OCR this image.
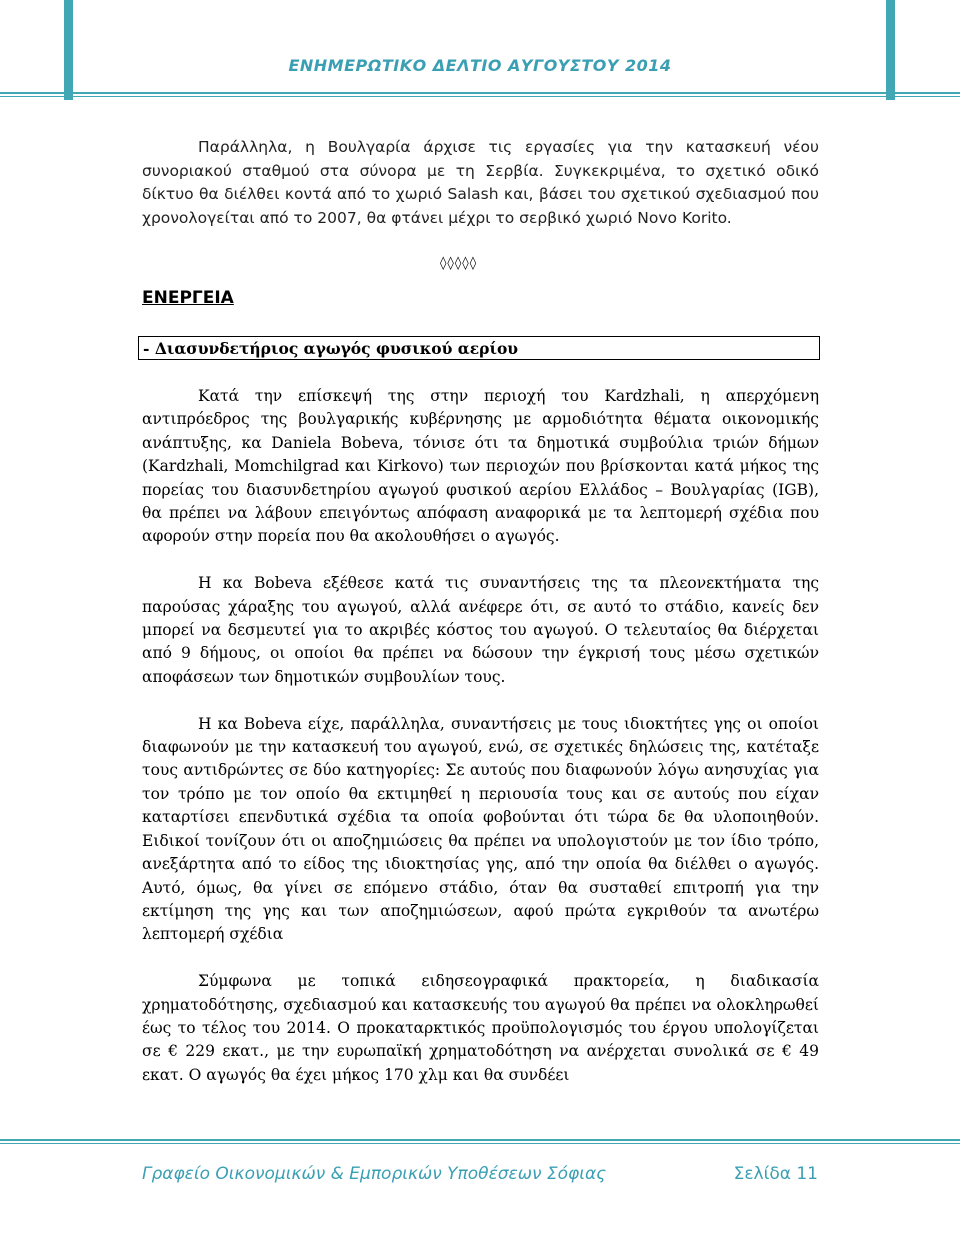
ΕΝΗΜΕΡΩΤΙΚΟ ΔΕΛΤΙΟ ΑΥΓΟΥΣΤΟΥ 2014

Παράλληλα, η Βουλγαρία άρχισε τις εργασίες για την κατασκευή νέου συνοριακού σταθμού στα σύνορα με τη Σερβία. Συγκεκριμένα, το σχετικό οδικό δίκτυο θα διέλθει κοντά από το χωριό Salash και, βάσει του σχετικού σχεδιασμού που χρονολογείται από το 2007, θα φτάνει μέχρι το σερβικό χωριό Novo Korito.

◊◊◊◊◊
ΕΝΕΡΓΕΙΑ
- Διασυνδετήριος αγωγός φυσικού αερίου

Κατά την επίσκεψή της στην περιοχή του Kardzhali, η απερχόμενη αντιπρόεδρος της βουλγαρικής κυβέρνησης με αρμοδιότητα θέματα οικονομικής ανάπτυξης, κα Daniela Bobeva, τόνισε ότι τα δημοτικά συμβούλια τριών δήμων (Kardzhali, Momchilgrad και Kirkovo) των περιοχών που βρίσκονται κατά μήκος της πορείας του διασυνδετηρίου αγωγού φυσικού αερίου Ελλάδος – Βουλγαρίας (IGB), θα πρέπει να λάβουν επειγόντως απόφαση αναφορικά με τα λεπτομερή σχέδια που αφορούν στην πορεία που θα ακολουθήσει ο αγωγός.

Η κα Bobeva εξέθεσε κατά τις συναντήσεις της τα πλεονεκτήματα της παρούσας χάραξης του αγωγού, αλλά ανέφερε ότι, σε αυτό το στάδιο, κανείς δεν μπορεί να δεσμευτεί για το ακριβές κόστος του αγωγού. Ο τελευταίος θα διέρχεται από 9 δήμους, οι οποίοι θα πρέπει να δώσουν την έγκρισή τους μέσω σχετικών αποφάσεων των δημοτικών συμβουλίων τους.

Η κα Bobeva είχε, παράλληλα, συναντήσεις με τους ιδιοκτήτες γης οι οποίοι διαφωνούν με την κατασκευή του αγωγού, ενώ, σε σχετικές δηλώσεις της, κατέταξε τους αντιδρώντες σε δύο κατηγορίες: Σε αυτούς που διαφωνούν λόγω ανησυχίας για τον τρόπο με τον οποίο θα εκτιμηθεί η περιουσία τους και σε αυτούς που είχαν καταρτίσει επενδυτικά σχέδια τα οποία φοβούνται ότι τώρα δε θα υλοποιηθούν. Ειδικοί τονίζουν ότι οι αποζημιώσεις θα πρέπει να υπολογιστούν με τον ίδιο τρόπο, ανεξάρτητα από το είδος της ιδιοκτησίας γης, από την οποία θα διέλθει ο αγωγός. Αυτό, όμως, θα γίνει σε επόμενο στάδιο, όταν θα συσταθεί επιτροπή για την εκτίμηση της γης και των αποζημιώσεων, αφού πρώτα εγκριθούν τα ανωτέρω λεπτομερή σχέδια

Σύμφωνα με τοπικά ειδησεογραφικά πρακτορεία, η διαδικασία χρηματοδότησης, σχεδιασμού και κατασκευής του αγωγού θα πρέπει να ολοκληρωθεί έως το τέλος του 2014. Ο προκαταρκτικός προϋπολογισμός του έργου υπολογίζεται σε € 229 εκατ., με την ευρωπαϊκή χρηματοδότηση να ανέρχεται συνολικά σε € 49 εκατ. Ο αγωγός θα έχει μήκος 170 χλμ και θα συνδέει

Γραφείο Οικονομικών & Εμπορικών Υποθέσεων Σόφιας	Σελίδα 11
